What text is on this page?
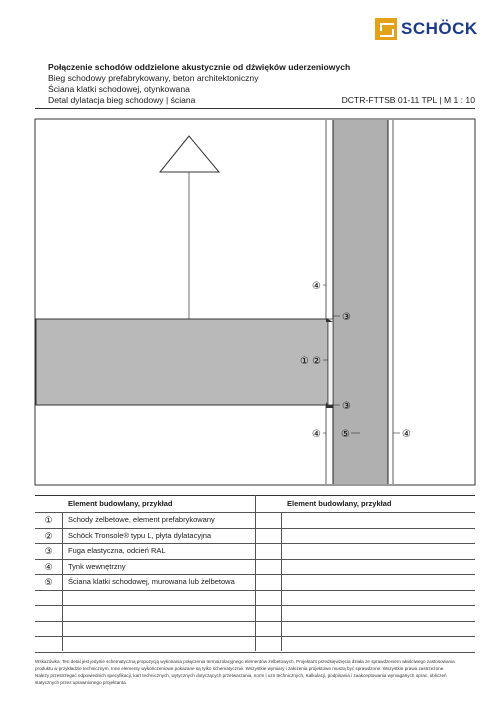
SCHÖCK
Połączenie schodów oddzielone akustycznie od dźwięków uderzeniowych
Bieg schodowy prefabrykowany, beton architektoniczny
Ściana klatki schodowej, otynkowana
Detal dylatacja bieg schodowy | ściana	DCTR-FTTSB 01-11 TPL | M 1 : 10
④
③
① ②
③
④ ⑤	④
Element budowlany, przykład	Element budowlany, przykład
①	Schody żelbetowe, element prefabrykowany
②	Schöck Tronsole® typu L, płyta dylatacyjna
③	Fuga elastyczna, odcień RAL
④	Tynk wewnętrzny
⑤	Ściana klatki schodowej, murowana lub żelbetowa
Wskazówka: Ten detal jest jedynie schematyczną propozycją wykonania połączenia termoizolacyjnego elementów żelbetowych. Projektant przedsięwzięcia działa ze sprawdzeniem właściwego zastosowania
produktu w przykładzie technicznym. Inne elementy wykończeniowe pokazane są tylko schematycznie. Wszystkie wymiary i założenia projektowe muszą być sprawdzone. Wszystkie prawa zastrzeżone.
Należy przestrzegać odpowiednich specyfikacji, kart technicznych, wytycznych dotyczących przetwarzania, norm i uzn technicznych, Kalkulacji, podpisania i zaakceptowania wymaganych oprac. obliczeń
statycznych przez uprawnionego projektanta.
